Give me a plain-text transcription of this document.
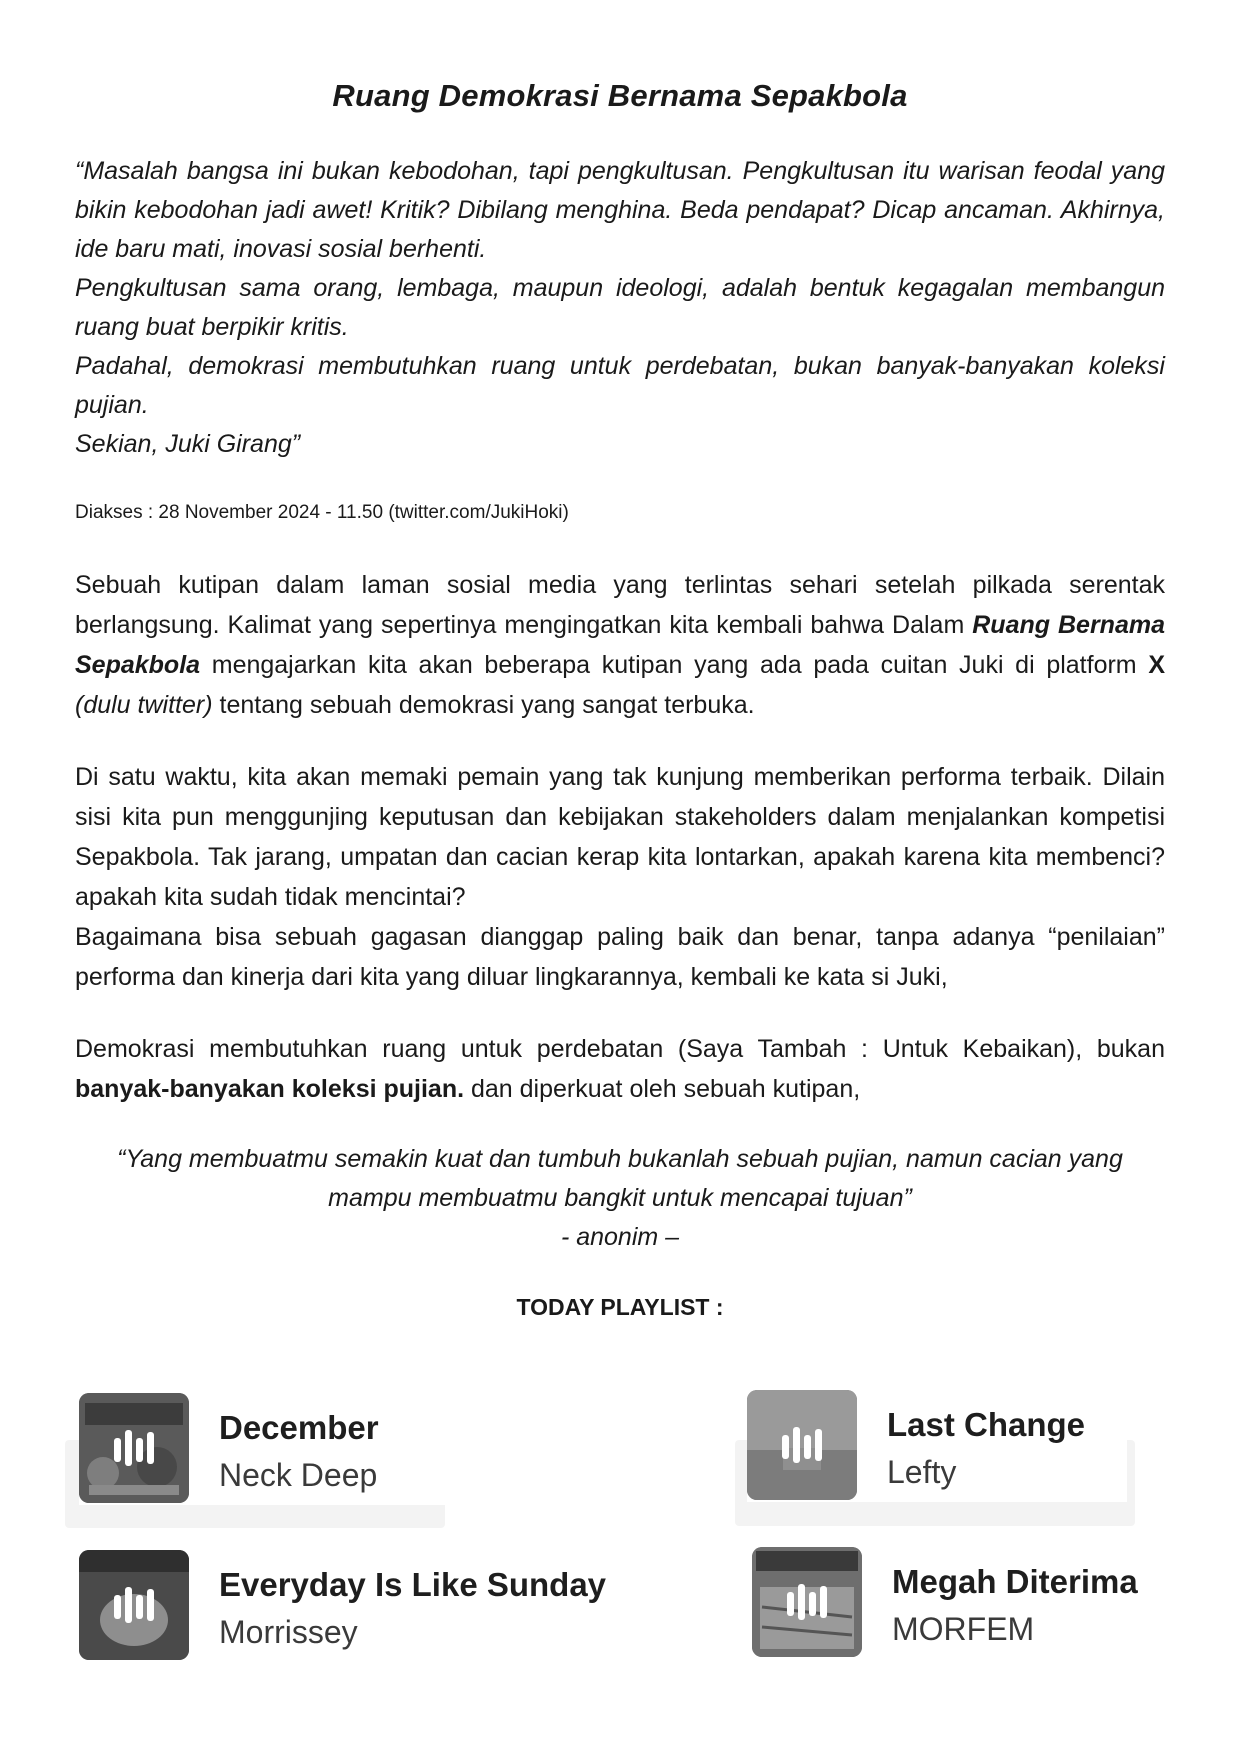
Ruang Demokrasi Bernama Sepakbola

“Masalah bangsa ini bukan kebodohan, tapi pengkultusan. Pengkultusan itu warisan feodal yang bikin kebodohan jadi awet! Kritik? Dibilang menghina. Beda pendapat? Dicap ancaman. Akhirnya, ide baru mati, inovasi sosial berhenti.

Pengkultusan sama orang, lembaga, maupun ideologi, adalah bentuk kegagalan membangun ruang buat berpikir kritis.

Padahal, demokrasi membutuhkan ruang untuk perdebatan, bukan banyak-banyakan koleksi pujian.

Sekian, Juki Girang”

Diakses : 28 November 2024 - 11.50 (twitter.com/JukiHoki)

Sebuah kutipan dalam laman sosial media yang terlintas sehari setelah pilkada serentak berlangsung. Kalimat yang sepertinya mengingatkan kita kembali bahwa Dalam Ruang Bernama Sepakbola mengajarkan kita akan beberapa kutipan yang ada pada cuitan Juki di platform X (dulu twitter) tentang sebuah demokrasi yang sangat terbuka.

Di satu waktu, kita akan memaki pemain yang tak kunjung memberikan performa terbaik. Dilain sisi kita pun menggunjing keputusan dan kebijakan stakeholders dalam menjalankan kompetisi Sepakbola. Tak jarang, umpatan dan cacian kerap kita lontarkan, apakah karena kita membenci? apakah kita sudah tidak mencintai?
Bagaimana bisa sebuah gagasan dianggap paling baik dan benar, tanpa adanya “penilaian” performa dan kinerja dari kita yang diluar lingkarannya, kembali ke kata si Juki,

Demokrasi membutuhkan ruang untuk perdebatan (Saya Tambah : Untuk Kebaikan), bukan banyak-banyakan koleksi pujian. dan diperkuat oleh sebuah kutipan,

“Yang membuatmu semakin kuat dan tumbuh bukanlah sebuah pujian, namun cacian yang
mampu membuatmu bangkit untuk mencapai tujuan”
- anonim –
TODAY PLAYLIST :
December
Neck Deep
Last Change
Lefty
Everyday Is Like Sunday
Morrissey
Megah Diterima
MORFEM
